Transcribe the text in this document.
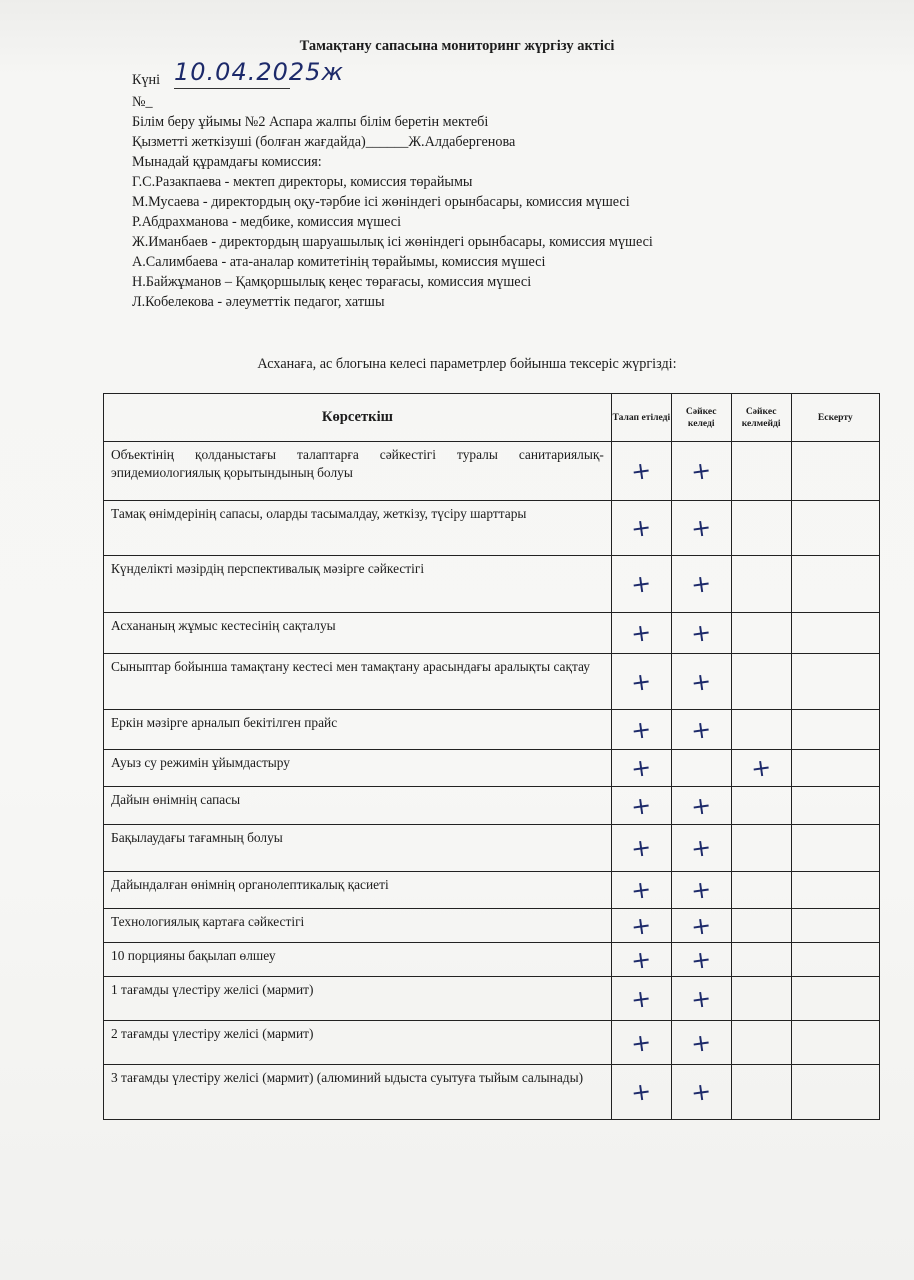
Тамақтану сапасына мониторинг жүргізу актісі
Күні 10.04.2025ж
№_
Білім беру ұйымы №2 Аспара жалпы білім беретін мектебі
Қызметті жеткізуші (болған жағдайда)______Ж.Алдабергенова
Мынадай құрамдағы комиссия:
Г.С.Разакпаева - мектеп директоры, комиссия төрайымы
М.Мусаева - директордың оқу-тәрбие ісі жөніндегі орынбасары, комиссия мүшесі
Р.Абдрахманова - медбике, комиссия мүшесі
Ж.Иманбаев - директордың шаруашылық ісі жөніндегі орынбасары, комиссия мүшесі
А.Салимбаева - ата-аналар комитетінің төрайымы, комиссия мүшесі
Н.Байжұманов – Қамқоршылық кеңес төрағасы, комиссия мүшесі
Л.Кобелекова - әлеуметтік педагог, хатшы
Асханаға, ас блогына келесі параметрлер бойынша тексеріс жүргізді:
Көрсеткіш	Талап етіледі	Сәйкес келеді	Сәйкес келмейді	Ескерту
Объектінің қолданыстағы талаптарға сәйкестігі туралы санитариялық-эпидемиологиялық қорытындының болуы	+	+		
Тамақ өнімдерінің сапасы, оларды тасымалдау, жеткізу, түсіру шарттары	+	+		
Күнделікті мәзірдің перспективалық мәзірге сәйкестігі	+	+		
Асхананың жұмыс кестесінің сақталуы	+	+		
Сыныптар бойынша тамақтану кестесі мен тамақтану арасындағы аралықты сақтау	+	+		
Еркін мәзірге арналып бекітілген прайс	+	+		
Ауыз су режимін ұйымдастыру	+		+	
Дайын өнімнің сапасы	+	+		
Бақылаудағы тағамның болуы	+	+		
Дайындалған өнімнің органолептикалық қасиеті	+	+		
Технологиялық картаға сәйкестігі	+	+		
10 порцияны бақылап өлшеу	+	+		
1 тағамды үлестіру желісі (мармит)	+	+		
2 тағамды үлестіру желісі (мармит)	+	+		
3 тағамды үлестіру желісі (мармит) (алюминий ыдыста суытуға тыйым салынады)	+	+		
